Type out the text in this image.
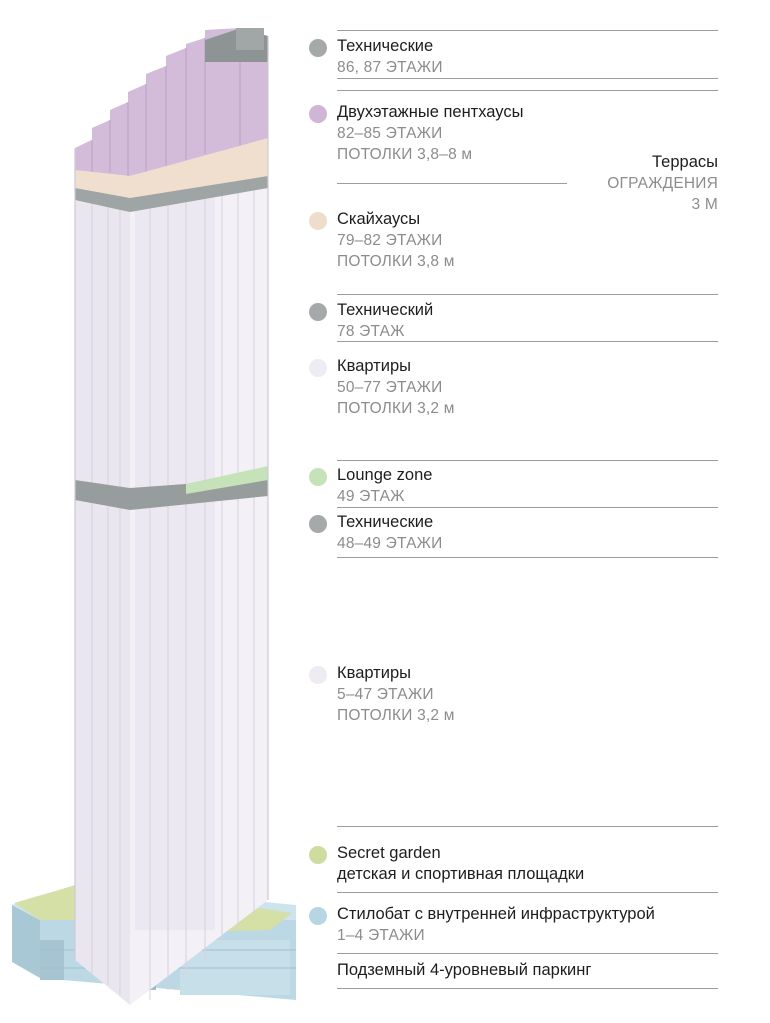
Технические
86, 87 ЭТАЖИ
Двухэтажные пентхаусы
82–85 ЭТАЖИ
ПОТОЛКИ 3,8–8 м
Скайхаусы
79–82 ЭТАЖИ
ПОТОЛКИ 3,8 м
Технический
78 ЭТАЖ
Квартиры
50–77 ЭТАЖИ
ПОТОЛКИ 3,2 м
Lounge zone
49 ЭТАЖ
Технические
48–49 ЭТАЖИ
Квартиры
5–47 ЭТАЖИ
ПОТОЛКИ 3,2 м
Secret garden
детская и спортивная площадки
Стилобат с внутренней инфраструктурой
1–4 ЭТАЖИ
Террасы
ОГРАЖДЕНИЯ
3 М
Подземный 4-уровневый паркинг
